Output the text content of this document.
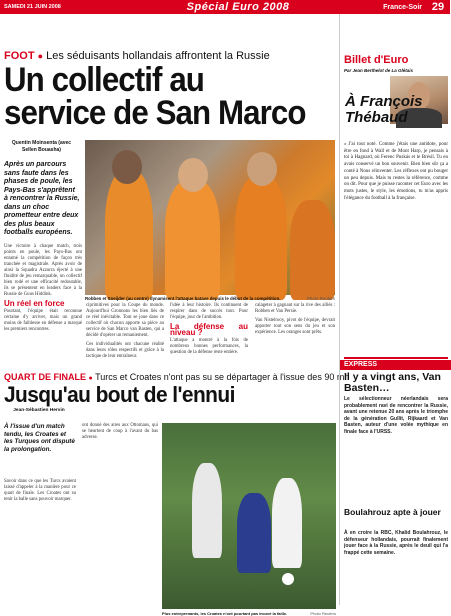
SAMEDI 21 JUIN 2008	Spécial Euro 2008	France-Soir 29
FOOT ● Les séduisants hollandais affrontent la Russie
Un collectif au service de San Marco
Quentin Moinsenta (avec Sellen Bouasha)
Après un parcours sans faute dans les phases de poule, les Pays-Bas s'apprêtent à rencontrer la Russie, dans un choc prometteur entre deux des plus beaux footballs européens.
Robben et Sneijder (au centre) dynamisent l'attaque batave depuis le début de la compétition.	Photo Reuters

Une victoire à chaque match, trois points en poule, les Pays-Bas ont entamé la compétition de façon très tranchée et magistrale. Après avoir de ainsi la Squadra Azzurra éjecté à une fluidité de jeu remarquable, un collectif bien rodé et une efficacité redoutable, ils se présentent en leaders face à la Russie de Guus Hiddink.

Un réel en force

Pourtant, l'équipe était reconnue certaine d'y arriver, mais un grand moins de faiblesse en défense a marqué les premiers rencontres.

ciprimitives pour la Coupe du monde. Aujourd'hui Gronnons les bien liés de ce réel inévitable. Tout se joue dans ce collectif où chacun apporte sa pièce au service de San Marco van Basten, qui a décidé d'opérer un remaniement.

Ces individualités ont chacune réalité dans leurs rôles respectifs et grâce à la tactique de leur entraîneur.

l'idée à leur histoire. Ils continuent de respirer dans de succès tout. Pour l'équipe, jour de l'ambition.

La défense au niveau ?

L'attaque a montré à la fois de nombreux bonnes performances, la question de la défense reste entière.

calageter à gagnant sur la rive des alliés : Robben et Van Persie.

Van Nistelrooy, pivot de l'équipe, devrait apporter tout son sens du jeu et son expérience. Les oranges sont prêts.

QUART DE FINALE ● Turcs et Croates n'ont pas su se départager à l'issue des 90 mn
Jusqu'au bout de l'ennui
Jean-Sébastien Hervin
À l'issue d'un match tendu, les Croates et les Turques ont disputé la prolongation.

Savoir dans ce que les Turcs avaient laissé d'appeler à la manière pour ce quart de finale. Les Croates ont su tenir la balle sans pouvoir marquer.

ont donné des aires aux Ottomans, qui se heurtent de coup à l'avant du bas adverse.

Plus entreprenants, les Croates n'ont pourtant pas trouvé la faille.	Photo Reuters
Billet d'Euro
Par Jean Berthelot de La Glétais
À François Thébaud
« J'ai tout noté. Comme j'étais une antidote, pour être en fond à Wall et de Mont Harp, je pensais à toi à Hagnard, où Ferenc Puskás et le Brésil. Tu en avais conservé un bon souvenir. Bien bien sûr ça a conté à Nous réinventer. Les réflexes ont pu bouger un peu depuis. Mais tu restes la référence, comme on dit. Pour que je puisse raconter cet Euro avec les mots justes, le style, les émotions, tu m'as appris l'élégance du football à la française.
EXPRESS
Il y a vingt ans, Van Basten…
Le sélectionneur néerlandais sera probablement ravi de rencontrer la Russie, avant une retenue 20 ans après le triomphe de la génération Gullit, Rijkaard et Van Basten, auteur d'une volée mythique en finale face à l'URSS.
Boulahrouz apte à jouer
À en croire la RBC, Khalid Boulahrouz, le défenseur hollandais, pourrait finalement jouer face à la Russie, après le deuil qui l'a frappé cette semaine.
